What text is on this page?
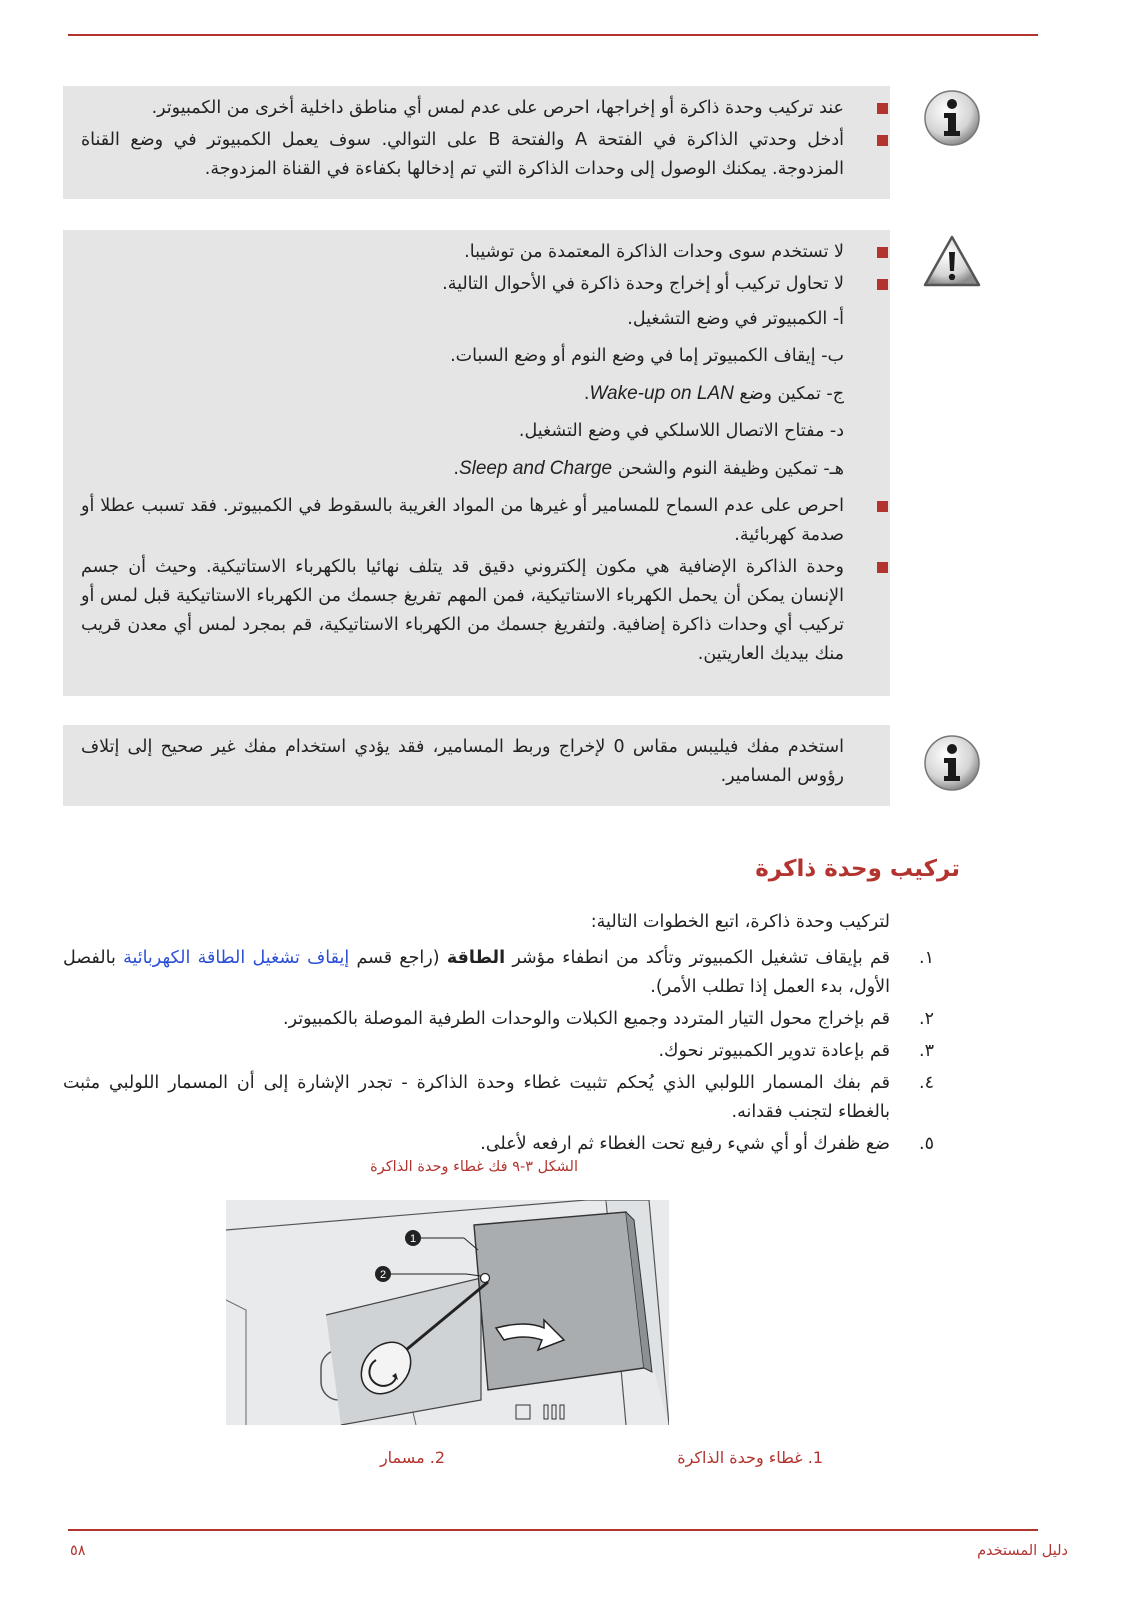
عند تركيب وحدة ذاكرة أو إخراجها، احرص على عدم لمس أي مناطق داخلية أخرى من الكمبيوتر.
أدخل وحدتي الذاكرة في الفتحة A والفتحة B على التوالي. سوف يعمل الكمبيوتر في وضع القناة المزدوجة. يمكنك الوصول إلى وحدات الذاكرة التي تم إدخالها بكفاءة في القناة المزدوجة.
لا تستخدم سوى وحدات الذاكرة المعتمدة من توشيبا.
لا تحاول تركيب أو إخراج وحدة ذاكرة في الأحوال التالية.
أ- الكمبيوتر في وضع التشغيل.
ب- إيقاف الكمبيوتر إما في وضع النوم أو وضع السبات.
ج- تمكين وضع Wake-up on LAN.
د- مفتاح الاتصال اللاسلكي في وضع التشغيل.
هـ- تمكين وظيفة النوم والشحن Sleep and Charge.
احرص على عدم السماح للمسامير أو غيرها من المواد الغريبة بالسقوط في الكمبيوتر. فقد تسبب عطلا أو صدمة كهربائية.
وحدة الذاكرة الإضافية هي مكون إلكتروني دقيق قد يتلف نهائيا بالكهرباء الاستاتيكية. وحيث أن جسم الإنسان يمكن أن يحمل الكهرباء الاستاتيكية، فمن المهم تفريغ جسمك من الكهرباء الاستاتيكية قبل لمس أو تركيب أي وحدات ذاكرة إضافية. ولتفريغ جسمك من الكهرباء الاستاتيكية، قم بمجرد لمس أي معدن قريب منك بيديك العاريتين.
استخدم مفك فيليبس مقاس 0 لإخراج وربط المسامير، فقد يؤدي استخدام مفك غير صحيح إلى إتلاف رؤوس المسامير.
تركيب وحدة ذاكرة
لتركيب وحدة ذاكرة، اتبع الخطوات التالية:
١.
قم بإيقاف تشغيل الكمبيوتر وتأكد من انطفاء مؤشر الطاقة (راجع قسم إيقاف تشغيل الطاقة الكهربائية بالفصل الأول، بدء العمل إذا تطلب الأمر).
٢.
قم بإخراج محول التيار المتردد وجميع الكبلات والوحدات الطرفية الموصلة بالكمبيوتر.
٣.
قم بإعادة تدوير الكمبيوتر نحوك.
٤.
قم بفك المسمار اللولبي الذي يُحكم تثبيت غطاء وحدة الذاكرة - تجدر الإشارة إلى أن المسمار اللولبي مثبت بالغطاء لتجنب فقدانه.
٥.
ضع ظفرك أو أي شيء رفيع تحت الغطاء ثم ارفعه لأعلى.
الشكل ٣-٩ فك غطاء وحدة الذاكرة
1
2
1. غطاء وحدة الذاكرة
2. مسمار
دليل المستخدم
٥٨
